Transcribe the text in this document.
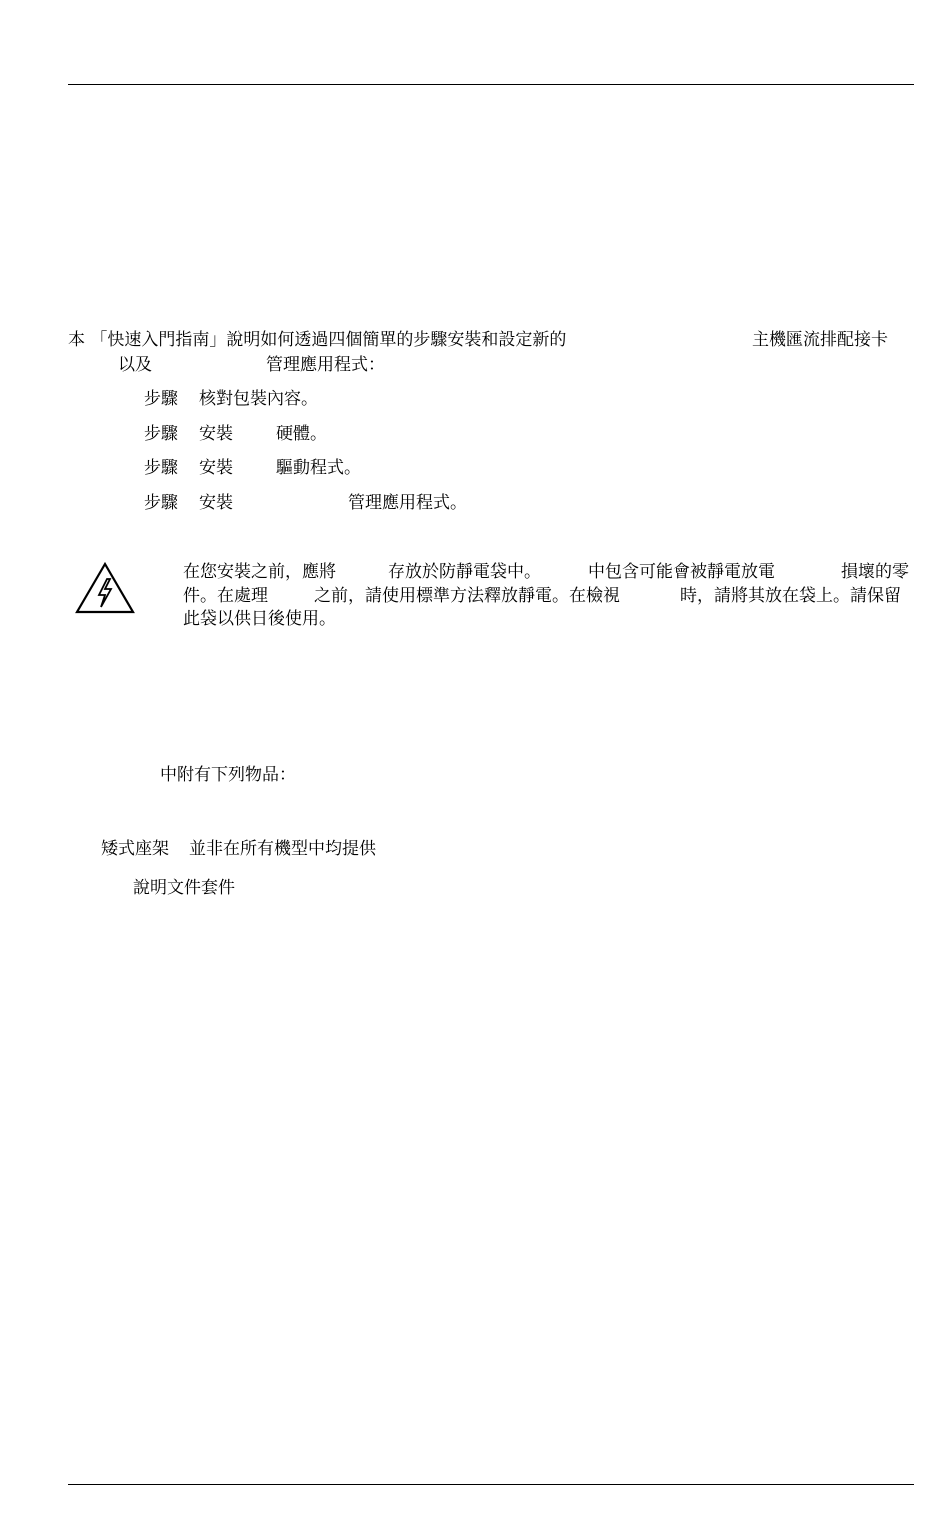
本 「快速入門指南」說明如何透過四個簡單的步驟安裝和設定新的	主機匯流排配接卡
以及	管理應用程式：
步驟 核對包裝內容。
步驟 安裝	硬體。
步驟 安裝	驅動程式。
步驟 安裝	管理應用程式。
在您安裝之前，應將	存放於防靜電袋中。	中包含可能會被靜電放電	損壞的零
件。在處理	之前，請使用標準方法釋放靜電。在檢視	時，請將其放在袋上。請保留
此袋以供日後使用。
中附有下列物品：
矮式座架 並非在所有機型中均提供
說明文件套件
